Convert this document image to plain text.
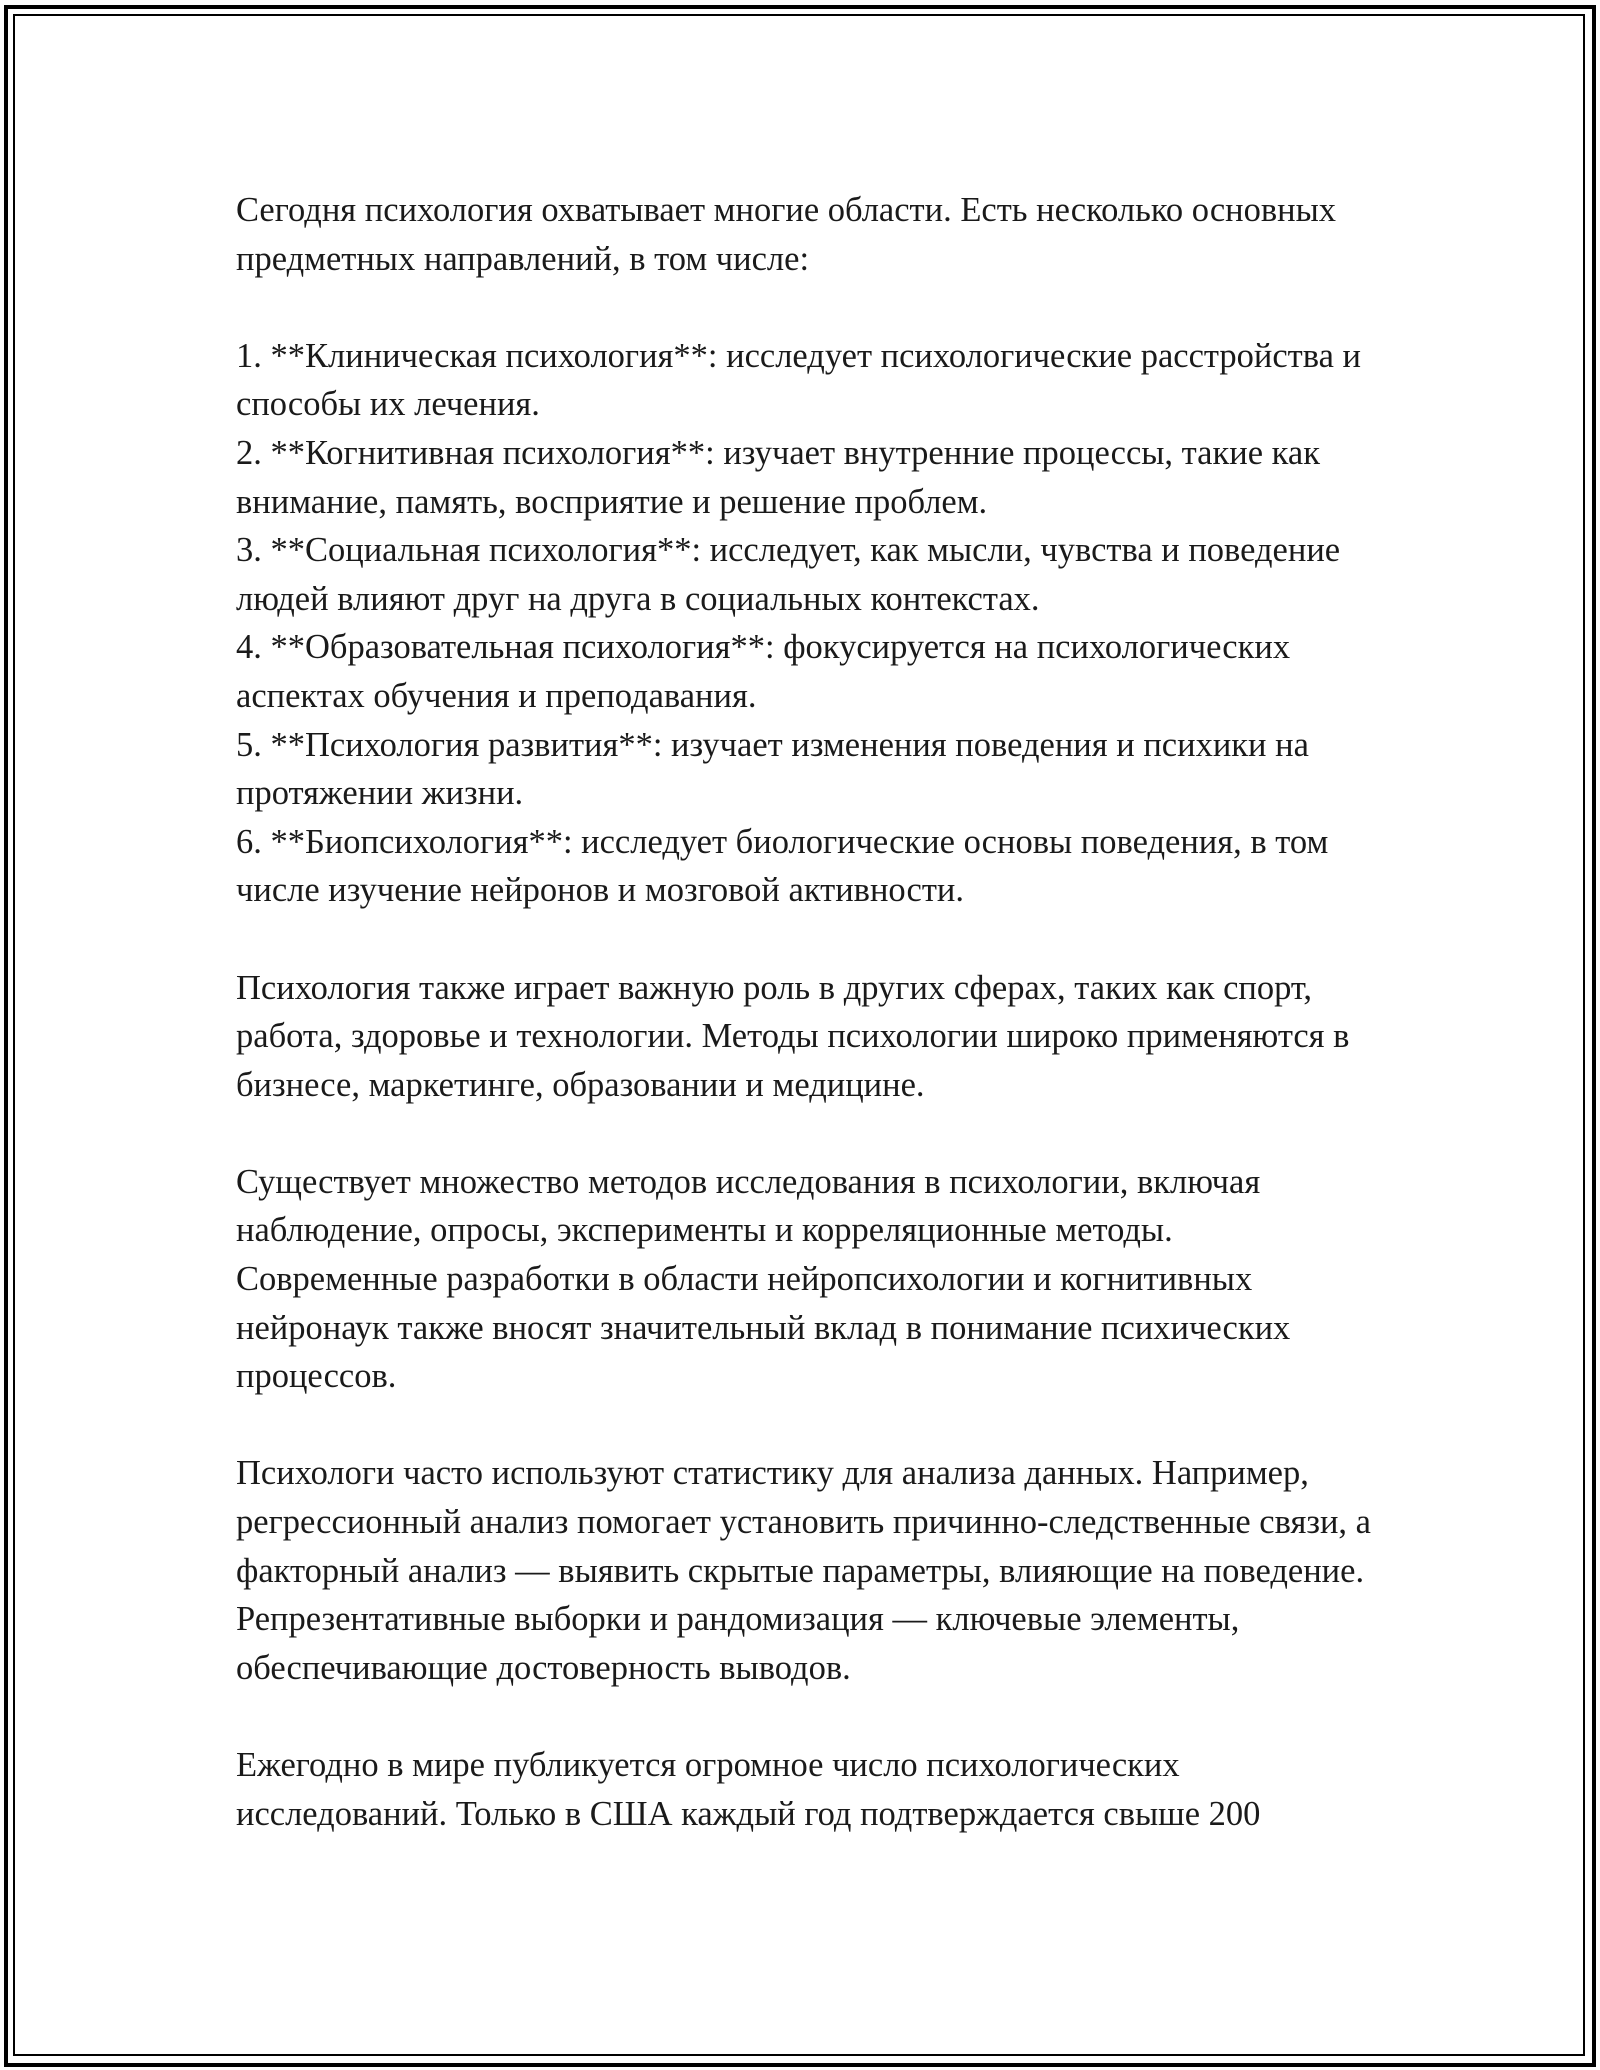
Сегодня психология охватывает многие области. Есть несколько основных предметных направлений, в том числе:

1. **Клиническая психология**: исследует психологические расстройства и способы их лечения.
2. **Когнитивная психология**: изучает внутренние процессы, такие как внимание, память, восприятие и решение проблем.
3. **Социальная психология**: исследует, как мысли, чувства и поведение людей влияют друг на друга в социальных контекстах.
4. **Образовательная психология**: фокусируется на психологических аспектах обучения и преподавания.
5. **Психология развития**: изучает изменения поведения и психики на протяжении жизни.
6. **Биопсихология**: исследует биологические основы поведения, в том числе изучение нейронов и мозговой активности.

Психология также играет важную роль в других сферах, таких как спорт, работа, здоровье и технологии. Методы психологии широко применяются в бизнесе, маркетинге, образовании и медицине.

Существует множество методов исследования в психологии, включая наблюдение, опросы, эксперименты и корреляционные методы. Современные разработки в области нейропсихологии и когнитивных нейронаук также вносят значительный вклад в понимание психических процессов.

Психологи часто используют статистику для анализа данных. Например, регрессионный анализ помогает установить причинно-следственные связи, а факторный анализ — выявить скрытые параметры, влияющие на поведение. Репрезентативные выборки и рандомизация — ключевые элементы, обеспечивающие достоверность выводов.

Ежегодно в мире публикуется огромное число психологических исследований. Только в США каждый год подтверждается свыше 200
